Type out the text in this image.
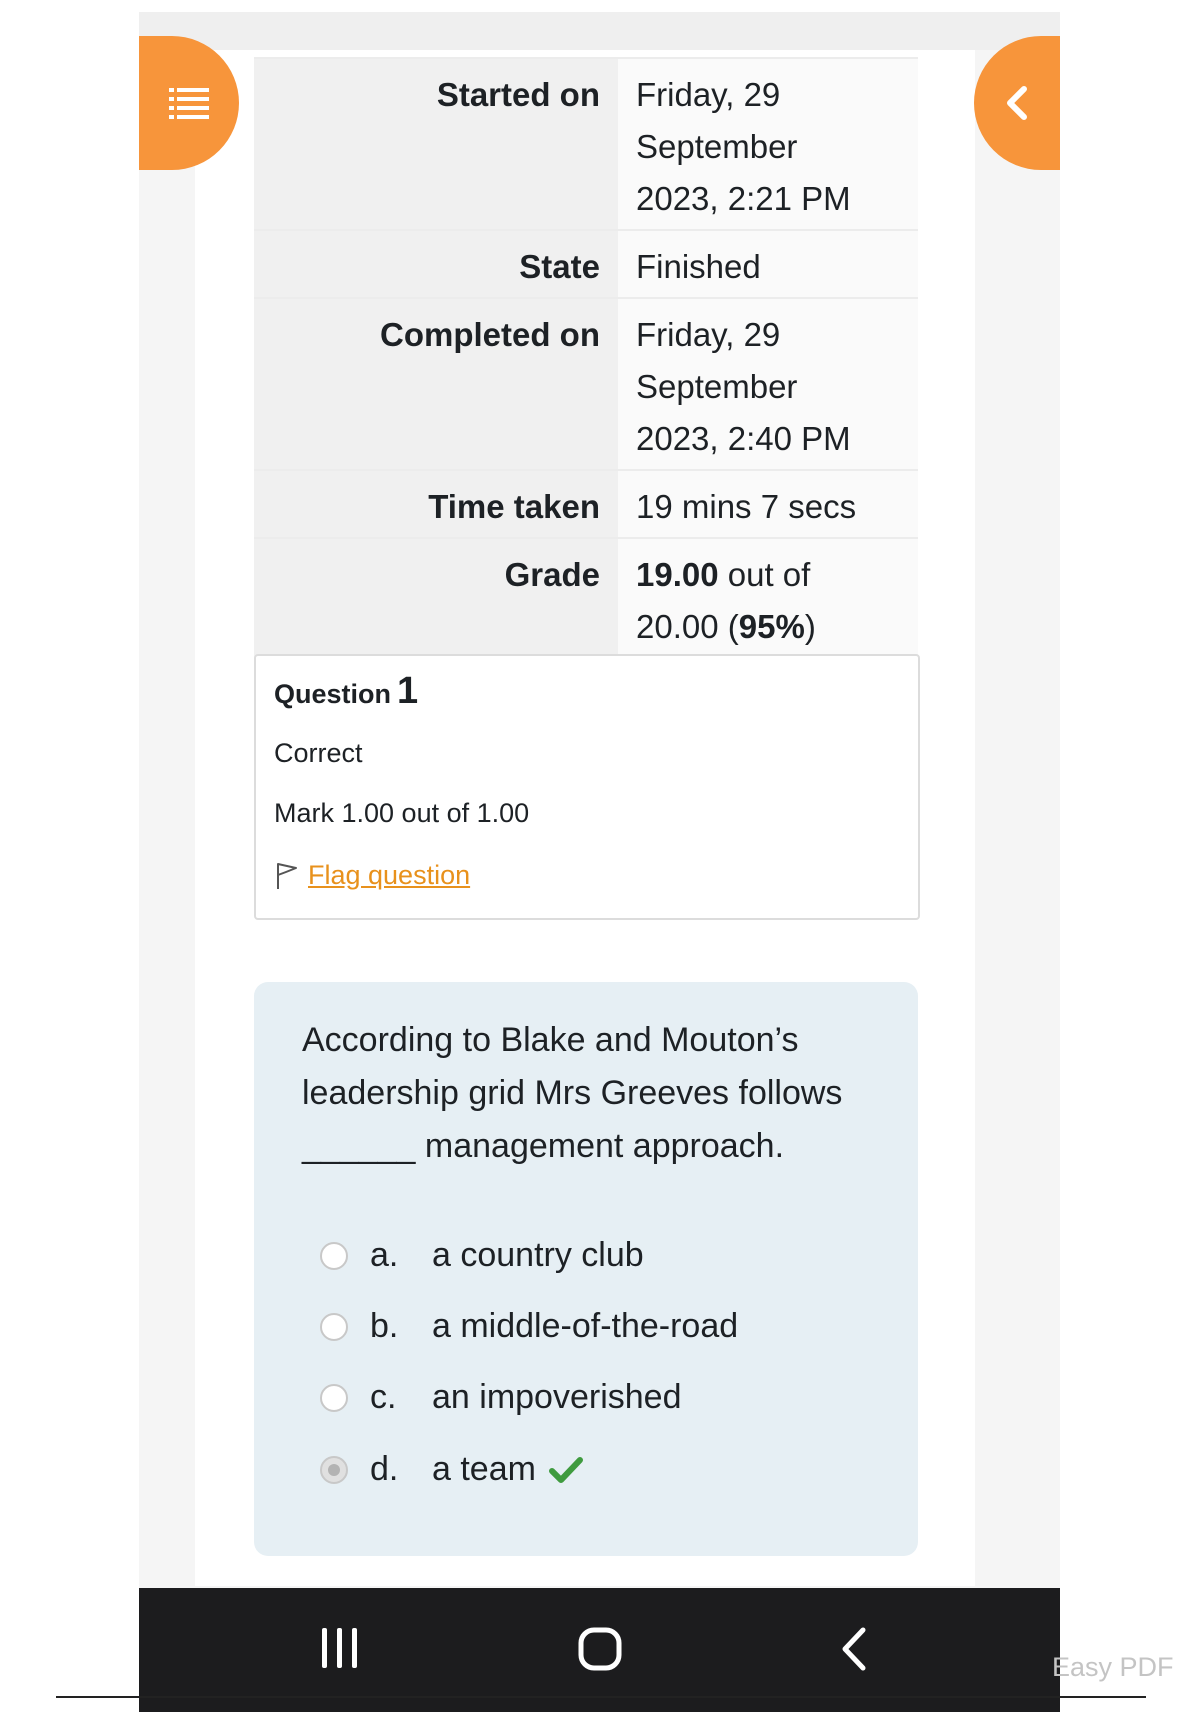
Started on	Friday, 29
September
2023, 2:21 PM

State	Finished
Completed on	Friday, 29
September
2023, 2:40 PM

Time taken	19 mins 7 secs
Grade	19.00 out of
20.00 (95%)
Question 1
Correct
Mark 1.00 out of 1.00
Flag question
According to Blake and Mouton’s leadership grid Mrs Greeves follows ______ management approach.
a. a country club
b. a middle-of-the-road
c.	an impoverished
d. a team
Easy PDF
